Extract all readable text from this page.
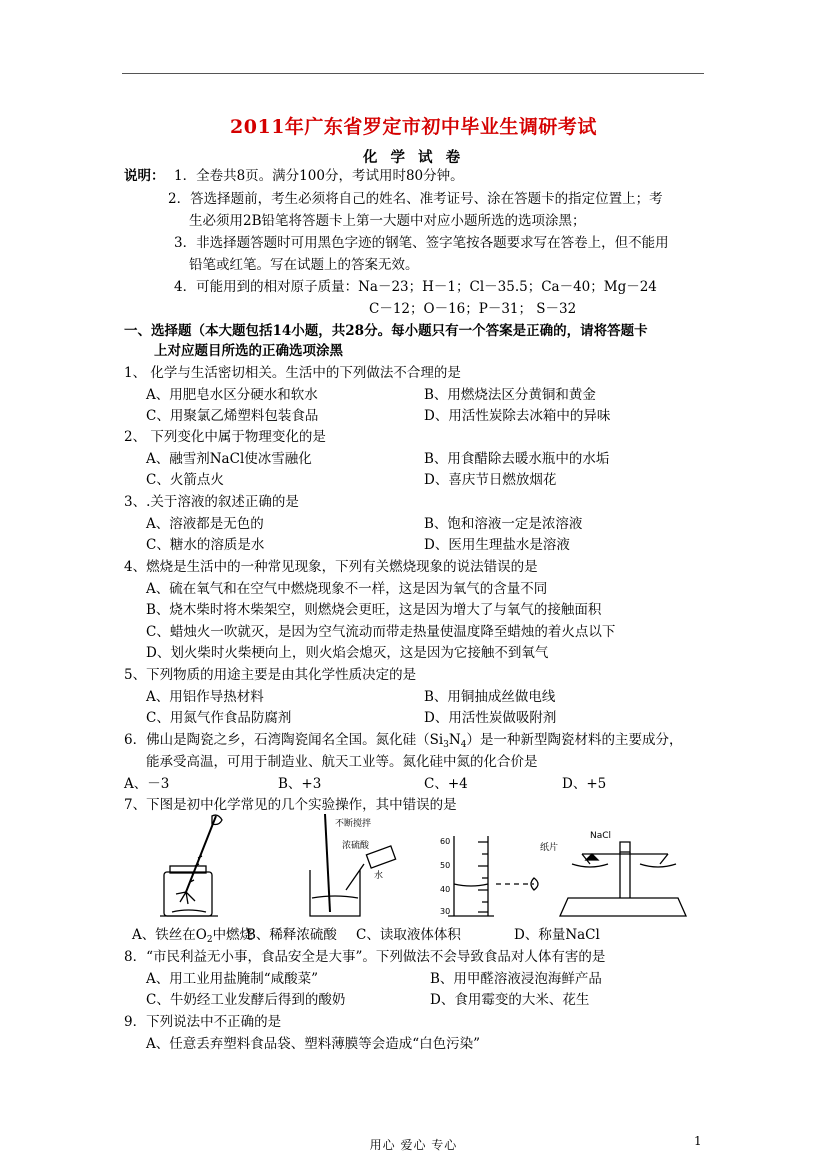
2011年广东省罗定市初中毕业生调研考试
化 学 试 卷
说明： 1．全卷共8页。满分100分，考试用时80分钟。
2．答选择题前，考生必须将自己的姓名、准考证号、涂在答题卡的指定位置上；考
生必须用2B铅笔将答题卡上第一大题中对应小题所选的选项涂黑；
3．非选择题答题时可用黑色字迹的钢笔、签字笔按各题要求写在答卷上，但不能用
铅笔或红笔。写在试题上的答案无效。
4．可能用到的相对原子质量：Na－23；H－1；Cl－35.5；Ca－40；Mg－24
C－12；O－16；P－31； S－32
一、选择题（本大题包括14小题，共28分。每小题只有一个答案是正确的，请将答题卡
上对应题目所选的正确选项涂黑
1、 化学与生活密切相关。生活中的下列做法不合理的是
A、用肥皂水区分硬水和软水	B、用燃烧法区分黄铜和黄金
C、用聚氯乙烯塑料包装食品	D、用活性炭除去冰箱中的异味
2、 下列变化中属于物理变化的是
A、融雪剂NaCl使冰雪融化	B、用食醋除去暖水瓶中的水垢
C、火箭点火	D、喜庆节日燃放烟花
3、.关于溶液的叙述正确的是
A、溶液都是无色的	B、饱和溶液一定是浓溶液
C、糖水的溶质是水	D、医用生理盐水是溶液
4、燃烧是生活中的一种常见现象，下列有关燃烧现象的说法错误的是
A、硫在氧气和在空气中燃烧现象不一样，这是因为氧气的含量不同
B、烧木柴时将木柴架空，则燃烧会更旺，这是因为增大了与氧气的接触面积
C、蜡烛火一吹就灭，是因为空气流动而带走热量使温度降至蜡烛的着火点以下
D、划火柴时火柴梗向上，则火焰会熄灭，这是因为它接触不到氧气
5、下列物质的用途主要是由其化学性质决定的是
A、用铝作导热材料	B、用铜抽成丝做电线
C、用氮气作食品防腐剂	D、用活性炭做吸附剂
6．佛山是陶瓷之乡，石湾陶瓷闻名全国。氮化硅$(Si_3N_4)$是一种新型陶瓷材料的主要成分，
能承受高温，可用于制造业、航天工业等。氮化硅中氮的化合价是
A、－3	B、+3	C、+4	D、+5
7、下图是初中化学常见的几个实验操作，其中错误的是
不断搅拌
浓硫酸
水
60
50
40
30
纸片
NaCl
A、铁丝在$O_2$中燃烧
B、稀释浓硫酸 C、读取液体体积	D、称量NaCl
8．“市民利益无小事，食品安全是大事”。下列做法不会导致食品对人体有害的是
A、用工业用盐腌制“咸酸菜”	B、用甲醛溶液浸泡海鲜产品
C、牛奶经工业发酵后得到的酸奶	D、食用霉变的大米、花生
9．下列说法中不正确的是
A、任意丢弃塑料食品袋、塑料薄膜等会造成“白色污染”
用心 爱心 专心	1
